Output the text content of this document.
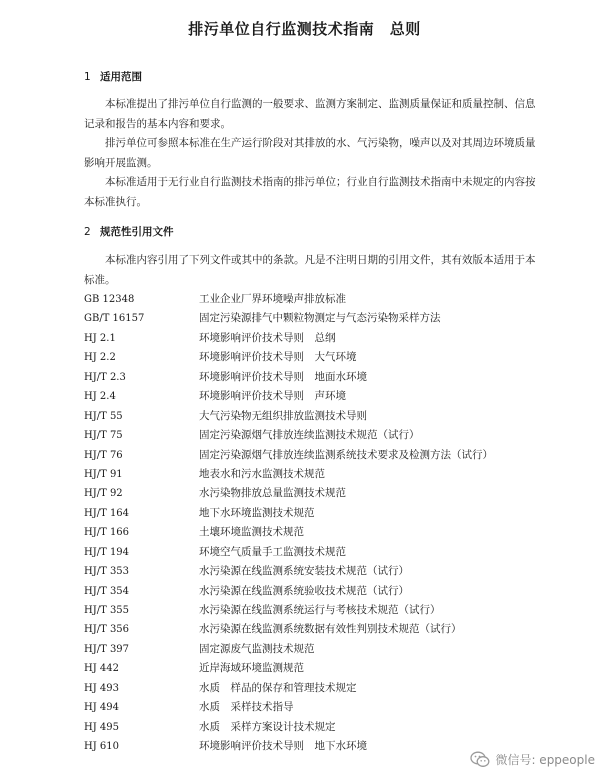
排污单位自行监测技术指南　总则
1 适用范围
本标准提出了排污单位自行监测的一般要求、监测方案制定、监测质量保证和质量控制、信息记录和报告的基本内容和要求。
排污单位可参照本标准在生产运行阶段对其排放的水、气污染物，噪声以及对其周边环境质量影响开展监测。
本标准适用于无行业自行监测技术指南的排污单位；行业自行监测技术指南中未规定的内容按本标准执行。
2 规范性引用文件
本标准内容引用了下列文件或其中的条款。凡是不注明日期的引用文件，其有效版本适用于本标准。
GB 12348	工业企业厂界环境噪声排放标准
GB/T 16157	固定污染源排气中颗粒物测定与气态污染物采样方法
HJ 2.1	环境影响评价技术导则　总纲
HJ 2.2	环境影响评价技术导则　大气环境
HJ/T 2.3	环境影响评价技术导则　地面水环境
HJ 2.4	环境影响评价技术导则　声环境
HJ/T 55	大气污染物无组织排放监测技术导则
HJ/T 75	固定污染源烟气排放连续监测技术规范（试行）
HJ/T 76	固定污染源烟气排放连续监测系统技术要求及检测方法（试行）
HJ/T 91	地表水和污水监测技术规范
HJ/T 92	水污染物排放总量监测技术规范
HJ/T 164	地下水环境监测技术规范
HJ/T 166	土壤环境监测技术规范
HJ/T 194	环境空气质量手工监测技术规范
HJ/T 353	水污染源在线监测系统安装技术规范（试行）
HJ/T 354	水污染源在线监测系统验收技术规范（试行）
HJ/T 355	水污染源在线监测系统运行与考核技术规范（试行）
HJ/T 356	水污染源在线监测系统数据有效性判别技术规范（试行）
HJ/T 397	固定源废气监测技术规范
HJ 442	近岸海域环境监测规范
HJ 493	水质　样品的保存和管理技术规定
HJ 494	水质　采样技术指导
HJ 495	水质　采样方案设计技术规定
HJ 610	环境影响评价技术导则　地下水环境
微信号: eppeople
